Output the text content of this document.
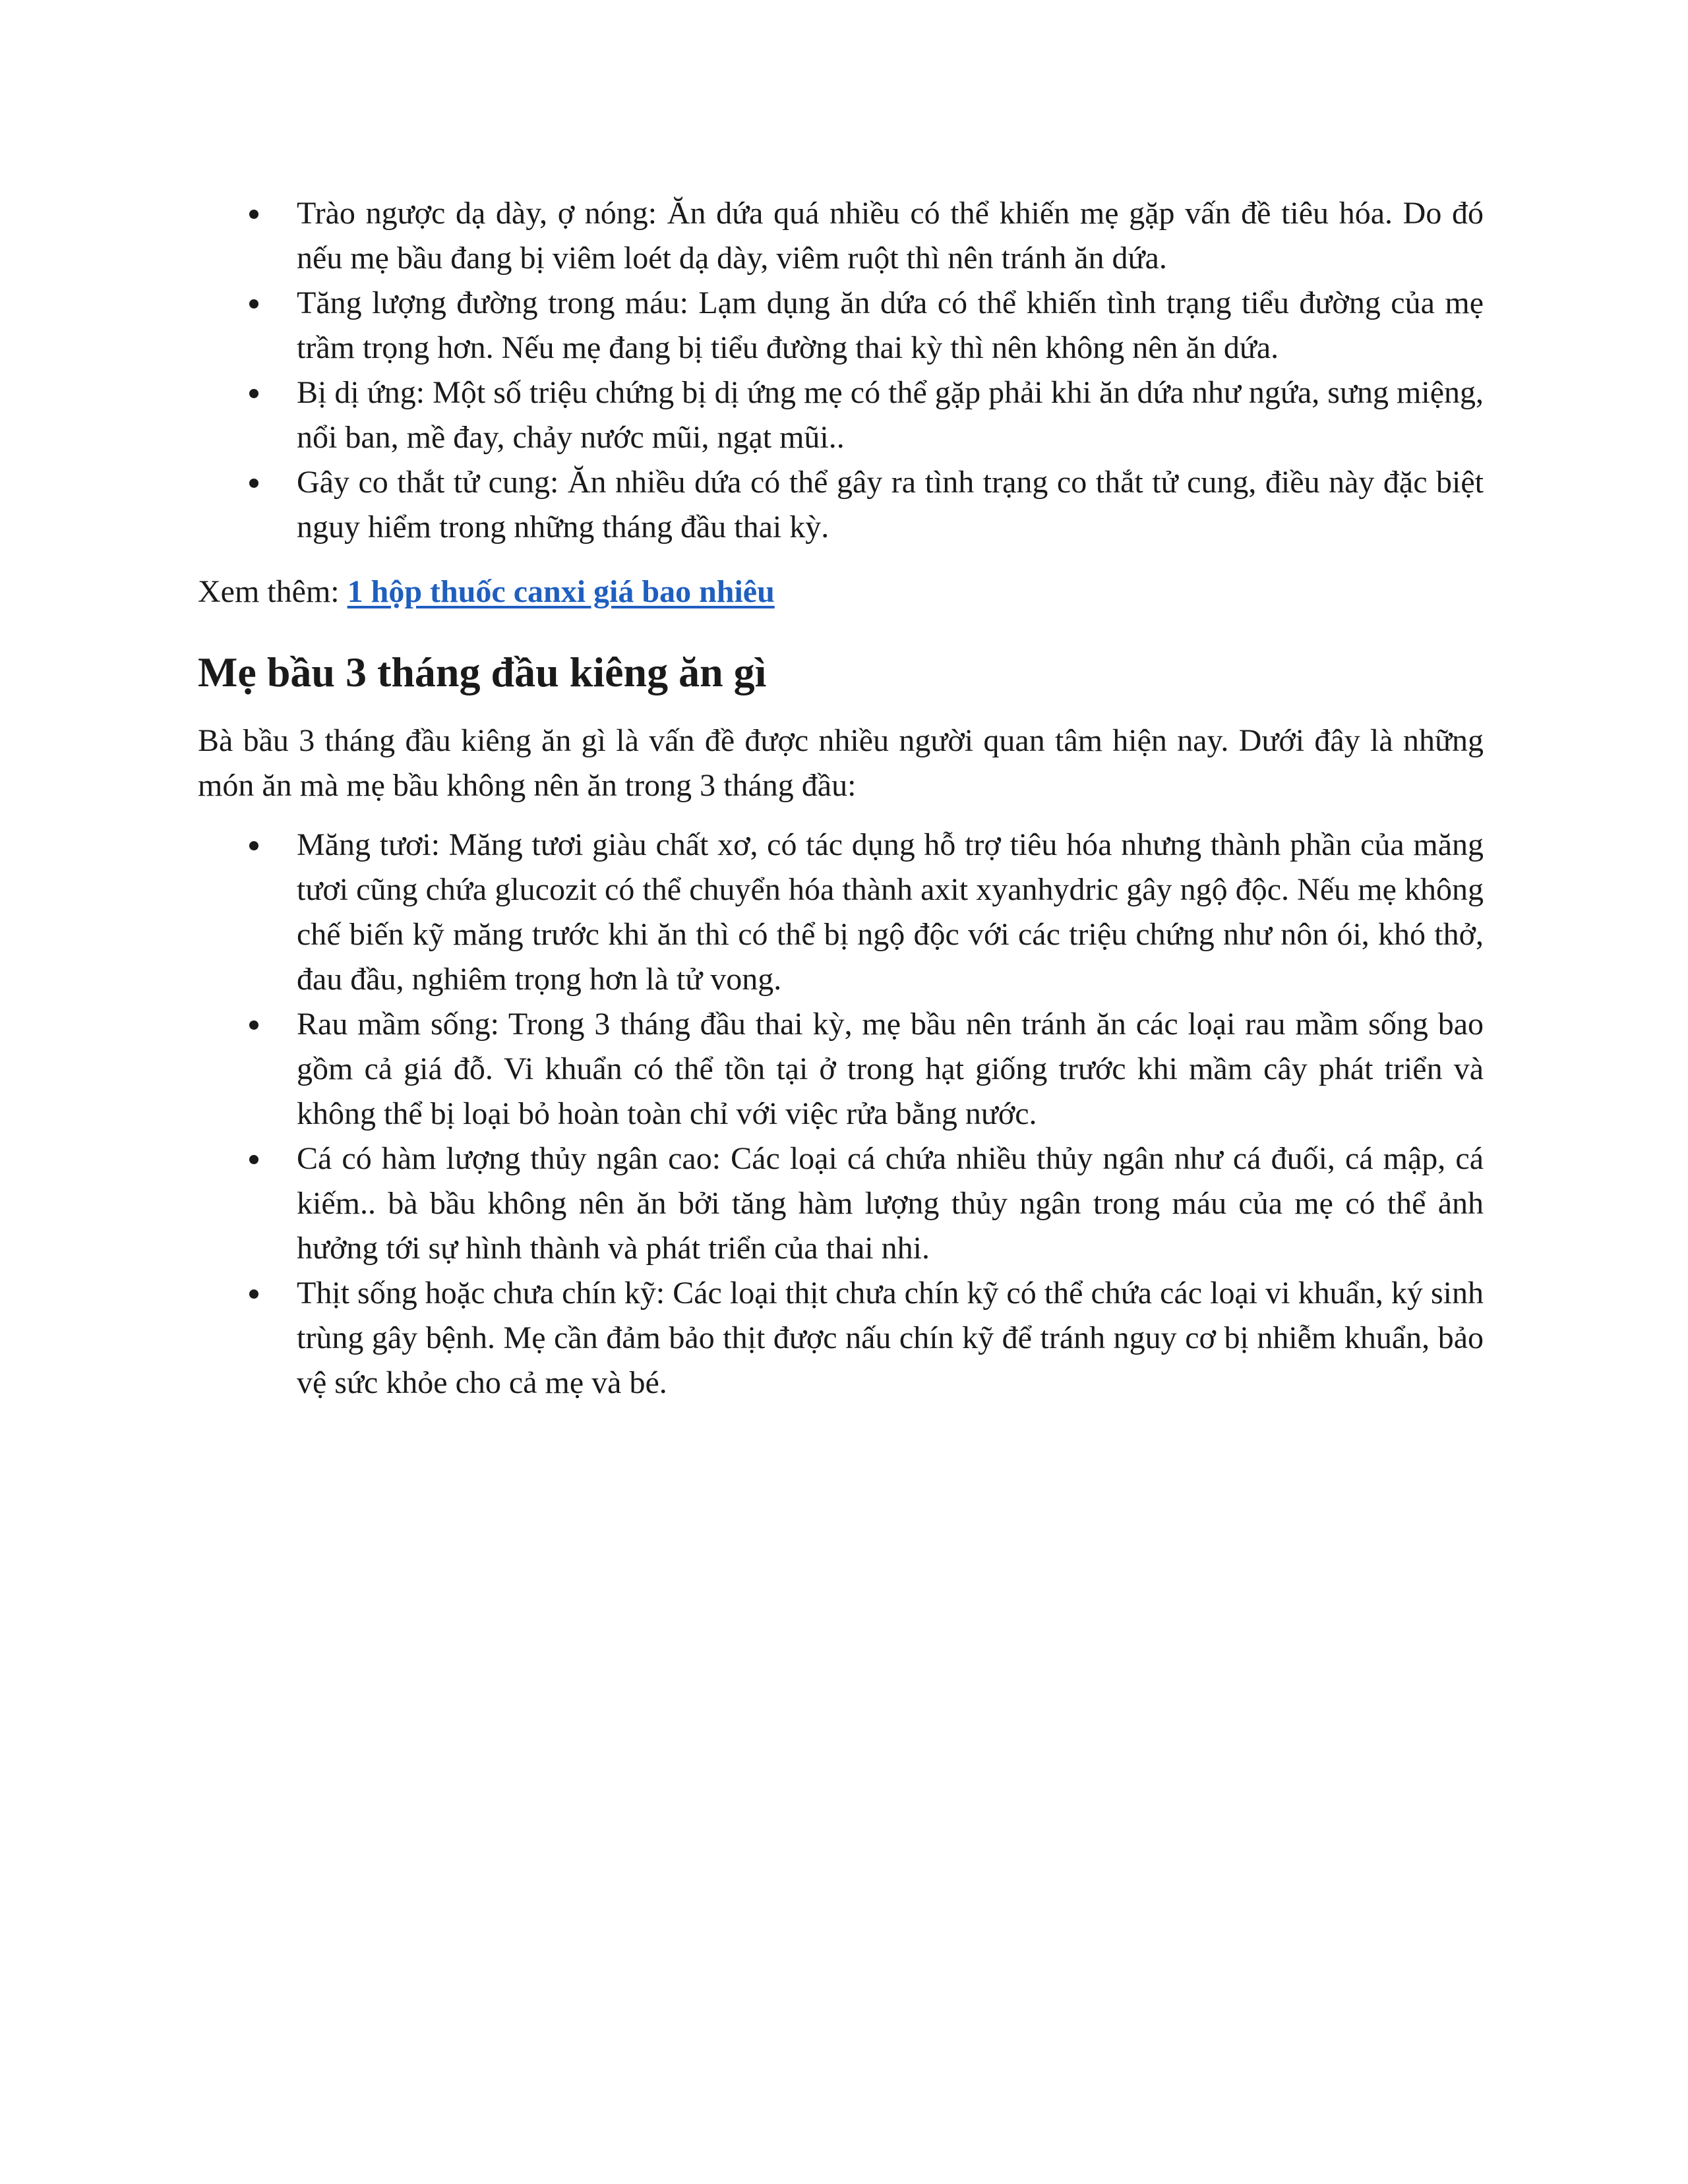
Trào ngược dạ dày, ợ nóng: Ăn dứa quá nhiều có thể khiến mẹ gặp vấn đề tiêu hóa. Do đó nếu mẹ bầu đang bị viêm loét dạ dày, viêm ruột thì nên tránh ăn dứa.
Tăng lượng đường trong máu: Lạm dụng ăn dứa có thể khiến tình trạng tiểu đường của mẹ trầm trọng hơn. Nếu mẹ đang bị tiểu đường thai kỳ thì nên không nên ăn dứa.
Bị dị ứng: Một số triệu chứng bị dị ứng mẹ có thể gặp phải khi ăn dứa như ngứa, sưng miệng, nổi ban, mề đay, chảy nước mũi, ngạt mũi..
Gây co thắt tử cung: Ăn nhiều dứa có thể gây ra tình trạng co thắt tử cung, điều này đặc biệt nguy hiểm trong những tháng đầu thai kỳ.

Xem thêm: 1 hộp thuốc canxi giá bao nhiêu

Mẹ bầu 3 tháng đầu kiêng ăn gì

Bà bầu 3 tháng đầu kiêng ăn gì là vấn đề được nhiều người quan tâm hiện nay. Dưới đây là những món ăn mà mẹ bầu không nên ăn trong 3 tháng đầu:

Măng tươi: Măng tươi giàu chất xơ, có tác dụng hỗ trợ tiêu hóa nhưng thành phần của măng tươi cũng chứa glucozit có thể chuyển hóa thành axit xyanhydric gây ngộ độc. Nếu mẹ không chế biến kỹ măng trước khi ăn thì có thể bị ngộ độc với các triệu chứng như nôn ói, khó thở, đau đầu, nghiêm trọng hơn là tử vong.
Rau mầm sống: Trong 3 tháng đầu thai kỳ, mẹ bầu nên tránh ăn các loại rau mầm sống bao gồm cả giá đỗ. Vi khuẩn có thể tồn tại ở trong hạt giống trước khi mầm cây phát triển và không thể bị loại bỏ hoàn toàn chỉ với việc rửa bằng nước.
Cá có hàm lượng thủy ngân cao: Các loại cá chứa nhiều thủy ngân như cá đuối, cá mập, cá kiếm.. bà bầu không nên ăn bởi tăng hàm lượng thủy ngân trong máu của mẹ có thể ảnh hưởng tới sự hình thành và phát triển của thai nhi.
Thịt sống hoặc chưa chín kỹ: Các loại thịt chưa chín kỹ có thể chứa các loại vi khuẩn, ký sinh trùng gây bệnh. Mẹ cần đảm bảo thịt được nấu chín kỹ để tránh nguy cơ bị nhiễm khuẩn, bảo vệ sức khỏe cho cả mẹ và bé.
